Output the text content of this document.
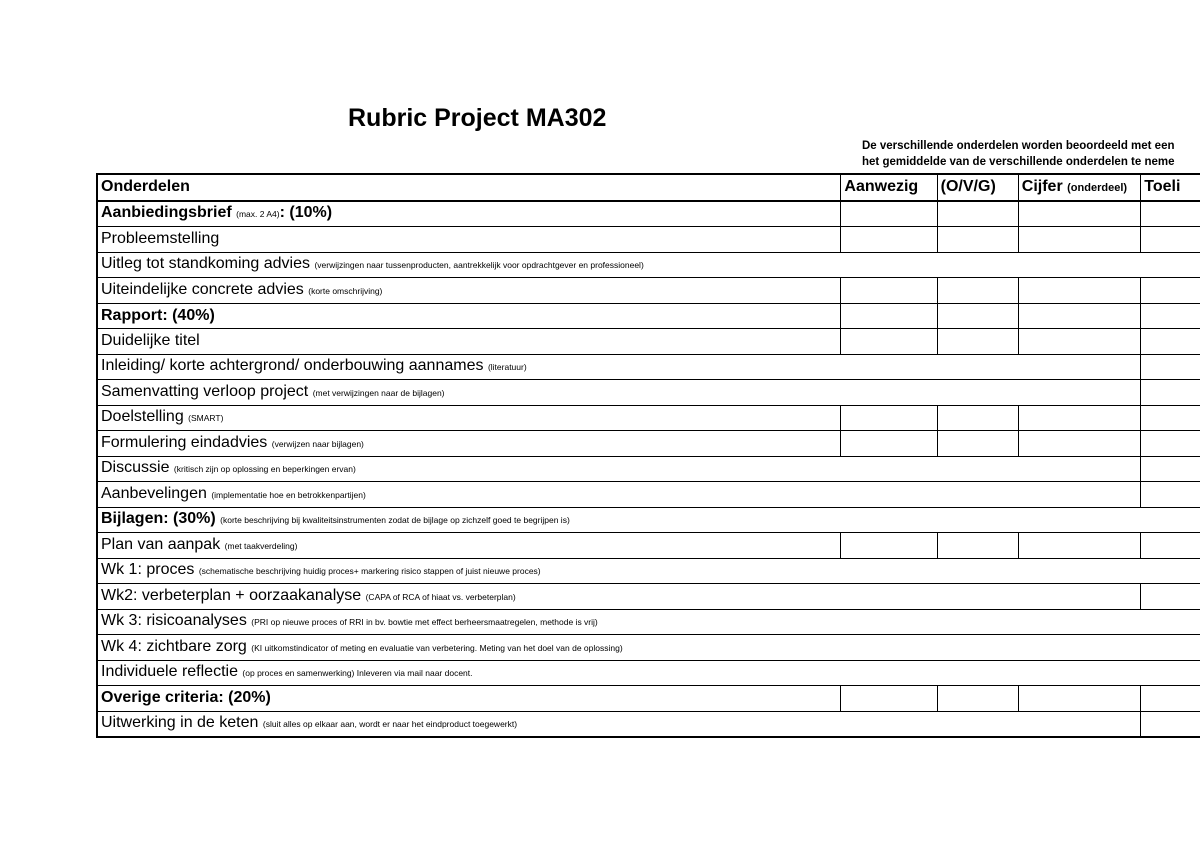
Rubric Project MA302
De verschillende onderdelen worden beoordeeld met een
het gemiddelde van de verschillende onderdelen te neme
Onderdelen	Aanwezig	(O/V/G)	Cijfer (onderdeel)	Toeli
Aanbiedingsbrief (max. 2 A4): (10%)				
Probleemstelling				
Uitleg tot standkoming advies (verwijzingen naar tussenproducten, aantrekkelijk voor opdrachtgever en professioneel)				
Uiteindelijke concrete advies (korte omschrijving)				
Rapport: (40%)				
Duidelijke titel				
Inleiding/ korte achtergrond/ onderbouwing aannames (literatuur)				
Samenvatting verloop project (met verwijzingen naar de bijlagen)				
Doelstelling (SMART)				
Formulering eindadvies (verwijzen naar bijlagen)				
Discussie (kritisch zijn op oplossing en beperkingen ervan)				
Aanbevelingen (implementatie hoe en betrokkenpartijen)				
Bijlagen: (30%) (korte beschrijving bij kwaliteitsinstrumenten zodat de bijlage op zichzelf goed te begrijpen is)				
Plan van aanpak (met taakverdeling)				
Wk 1: proces (schematische beschrijving huidig proces+ markering risico stappen of juist nieuwe proces)				
Wk2: verbeterplan + oorzaakanalyse (CAPA of RCA of hiaat vs. verbeterplan)				
Wk 3: risicoanalyses (PRI op nieuwe proces of RRI in bv. bowtie met effect berheersmaatregelen, methode is vrij)				
Wk 4: zichtbare zorg (KI uitkomstindicator of meting en evaluatie van verbetering. Meting van het doel van de oplossing)				
Individuele reflectie (op proces en samenwerking) Inleveren via mail naar docent.				
Overige criteria: (20%)				
Uitwerking in de keten (sluit alles op elkaar aan, wordt er naar het eindproduct toegewerkt)				
